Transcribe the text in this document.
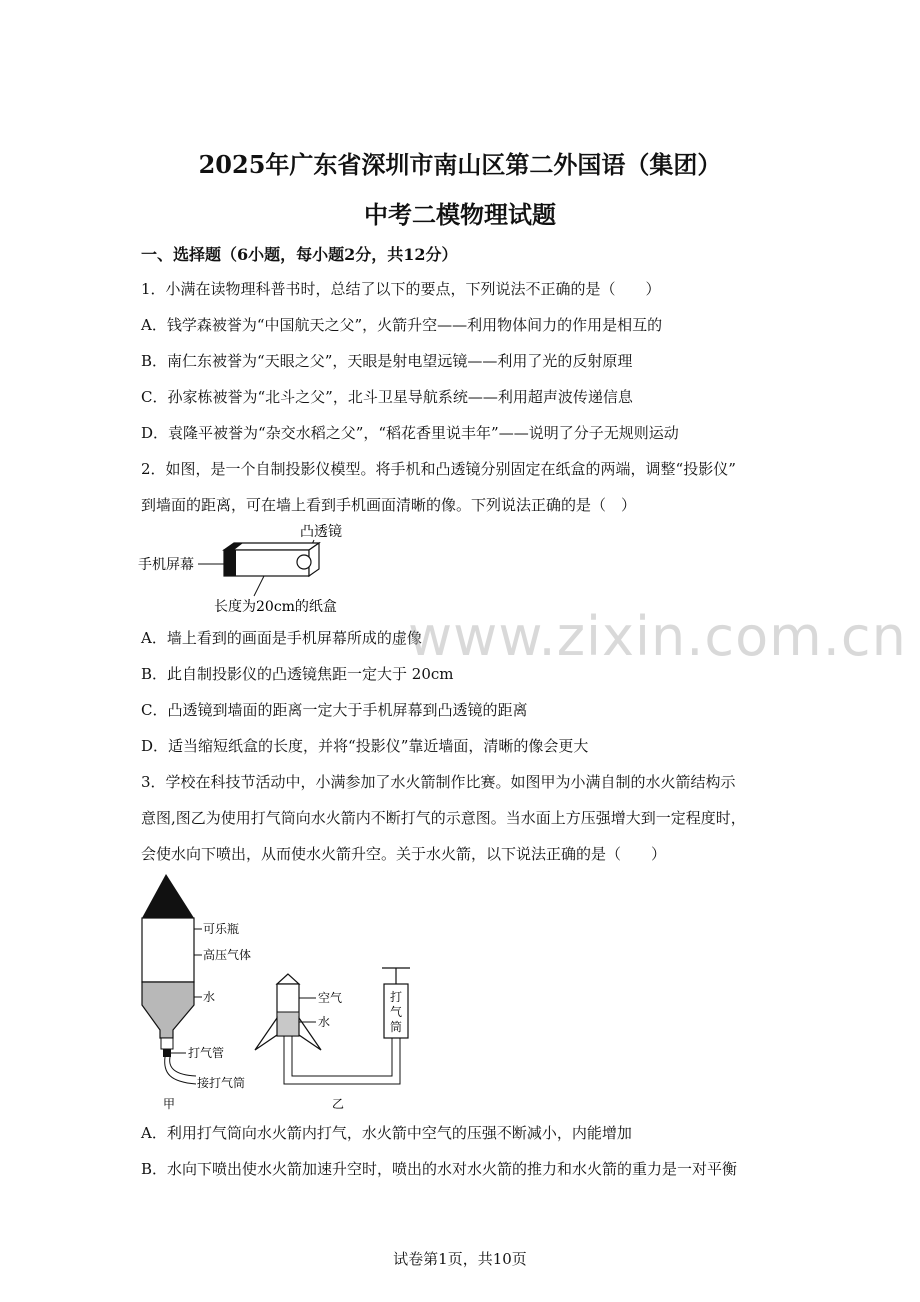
2025年广东省深圳市南山区第二外国语（集团）
中考二模物理试题
一、选择题（6小题，每小题2分，共12分）
1．小满在读物理科普书时，总结了以下的要点，下列说法不正确的是（　　）
A．钱学森被誉为“中国航天之父”，火箭升空——利用物体间力的作用是相互的
B．南仁东被誉为“天眼之父”，天眼是射电望远镜——利用了光的反射原理
C．孙家栋被誉为“北斗之父”，北斗卫星导航系统——利用超声波传递信息
D．袁隆平被誉为“杂交水稻之父”，“稻花香里说丰年”——说明了分子无规则运动
2．如图，是一个自制投影仪模型。将手机和凸透镜分别固定在纸盒的两端，调整“投影仪”
到墙面的距离，可在墙上看到手机画面清晰的像。下列说法正确的是（　）
凸透镜
手机屏幕
长度为20cm的纸盒
A．墙上看到的画面是手机屏幕所成的虚像
B．此自制投影仪的凸透镜焦距一定大于 20cm
C．凸透镜到墙面的距离一定大于手机屏幕到凸透镜的距离
D．适当缩短纸盒的长度，并将“投影仪”靠近墙面，清晰的像会更大
3．学校在科技节活动中，小满参加了水火箭制作比赛。如图甲为小满自制的水火箭结构示
意图,图乙为使用打气筒向水火箭内不断打气的示意图。当水面上方压强增大到一定程度时，
会使水向下喷出，从而使水火箭升空。关于水火箭，以下说法正确的是（　　）
可乐瓶
高压气体
水
打气管
接打气筒
甲
空气
水
打
气
筒
乙
A．利用打气筒向水火箭内打气，水火箭中空气的压强不断减小，内能增加
B．水向下喷出使水火箭加速升空时，喷出的水对水火箭的推力和水火箭的重力是一对平衡
www.zixin.com.cn
试卷第1页，共10页
